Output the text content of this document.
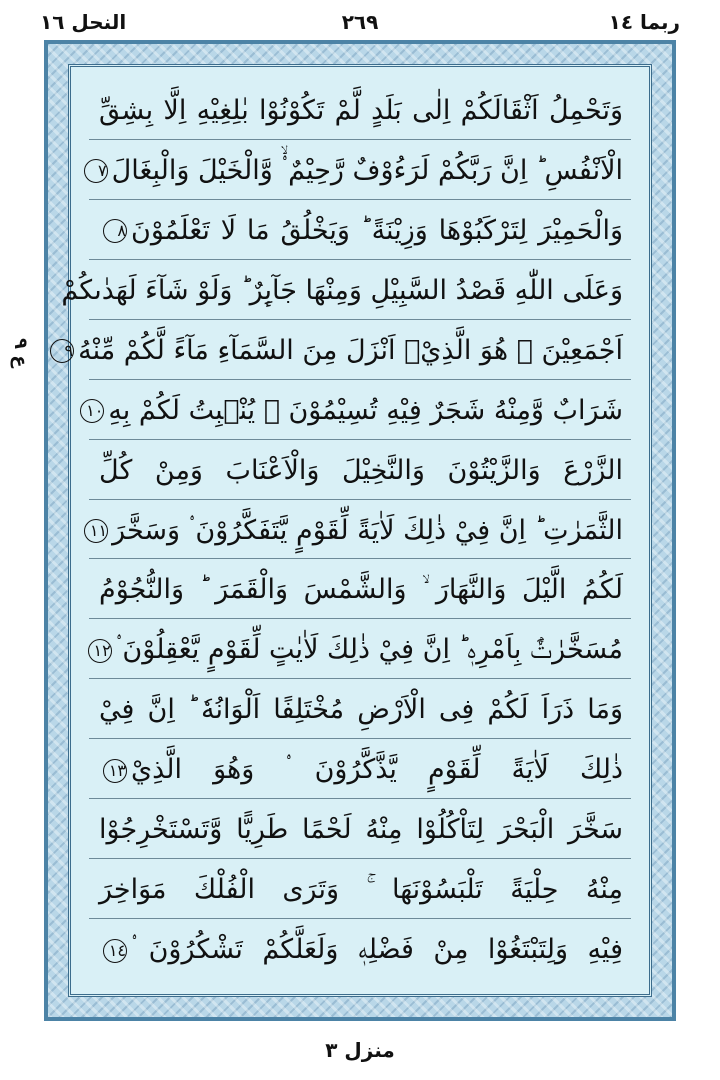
ربما ١٤
٢٦٩
النحل ١٦
ع ٩
وَتَحْمِلُ اَثْقَالَكُمْ اِلٰى بَلَدٍ لَّمْ تَكُوْنُوْا بٰلِغِيْهِ اِلَّا بِشِقِّ
الْاَنْفُسِ ؕ اِنَّ رَبَّكُمْ لَرَءُوْفٌ رَّحِيْمٌ ۟ۙ وَّالْخَيْلَ وَالْبِغَالَ٧
وَالْحَمِيْرَ لِتَرْكَبُوْهَا وَزِيْنَةً ؕ وَيَخْلُقُ مَا لَا تَعْلَمُوْنَ٨
وَعَلَى اللّٰهِ قَصْدُ السَّبِيْلِ وَمِنْهَا جَآىِٕرٌ ؕ وَلَوْ شَآءَ لَهَدٰىكُمْ
اَجْمَعِيْنَ ۟ هُوَ الَّذِيْۤ اَنْزَلَ مِنَ السَّمَآءِ مَآءً لَّكُمْ مِّنْهُ٩
شَرَابٌ وَّمِنْهُ شَجَرٌ فِيْهِ تُسِيْمُوْنَ ۟ يُنْۢبِتُ لَكُمْ بِهِ١٠
الزَّرْعَ وَالزَّيْتُوْنَ وَالنَّخِيْلَ وَالْاَعْنَابَ وَمِنْ كُلِّ
الثَّمَرٰتِ ؕ اِنَّ فِيْ ذٰلِكَ لَاٰيَةً لِّقَوْمٍ يَّتَفَكَّرُوْنَ ۟ وَسَخَّرَ١١
لَكُمُ الَّيْلَ وَالنَّهَارَ ۙ وَالشَّمْسَ وَالْقَمَرَ ؕ وَالنُّجُوْمُ
مُسَخَّرٰتٌۢ بِاَمْرِهٖ ؕ اِنَّ فِيْ ذٰلِكَ لَاٰيٰتٍ لِّقَوْمٍ يَّعْقِلُوْنَ ۟١٢
وَمَا ذَرَاَ لَكُمْ فِى الْاَرْضِ مُخْتَلِفًا اَلْوَانُهٗ ؕ اِنَّ فِيْ
ذٰلِكَ لَاٰيَةً لِّقَوْمٍ يَّذَّكَّرُوْنَ ۟ وَهُوَ الَّذِيْ١٣
سَخَّرَ الْبَحْرَ لِتَاْكُلُوْا مِنْهُ لَحْمًا طَرِيًّا وَّتَسْتَخْرِجُوْا
مِنْهُ حِلْيَةً تَلْبَسُوْنَهَا ۚ وَتَرَى الْفُلْكَ مَوَاخِرَ
فِيْهِ وَلِتَبْتَغُوْا مِنْ فَضْلِهٖ وَلَعَلَّكُمْ تَشْكُرُوْنَ ۟١٤
منزل ٣
